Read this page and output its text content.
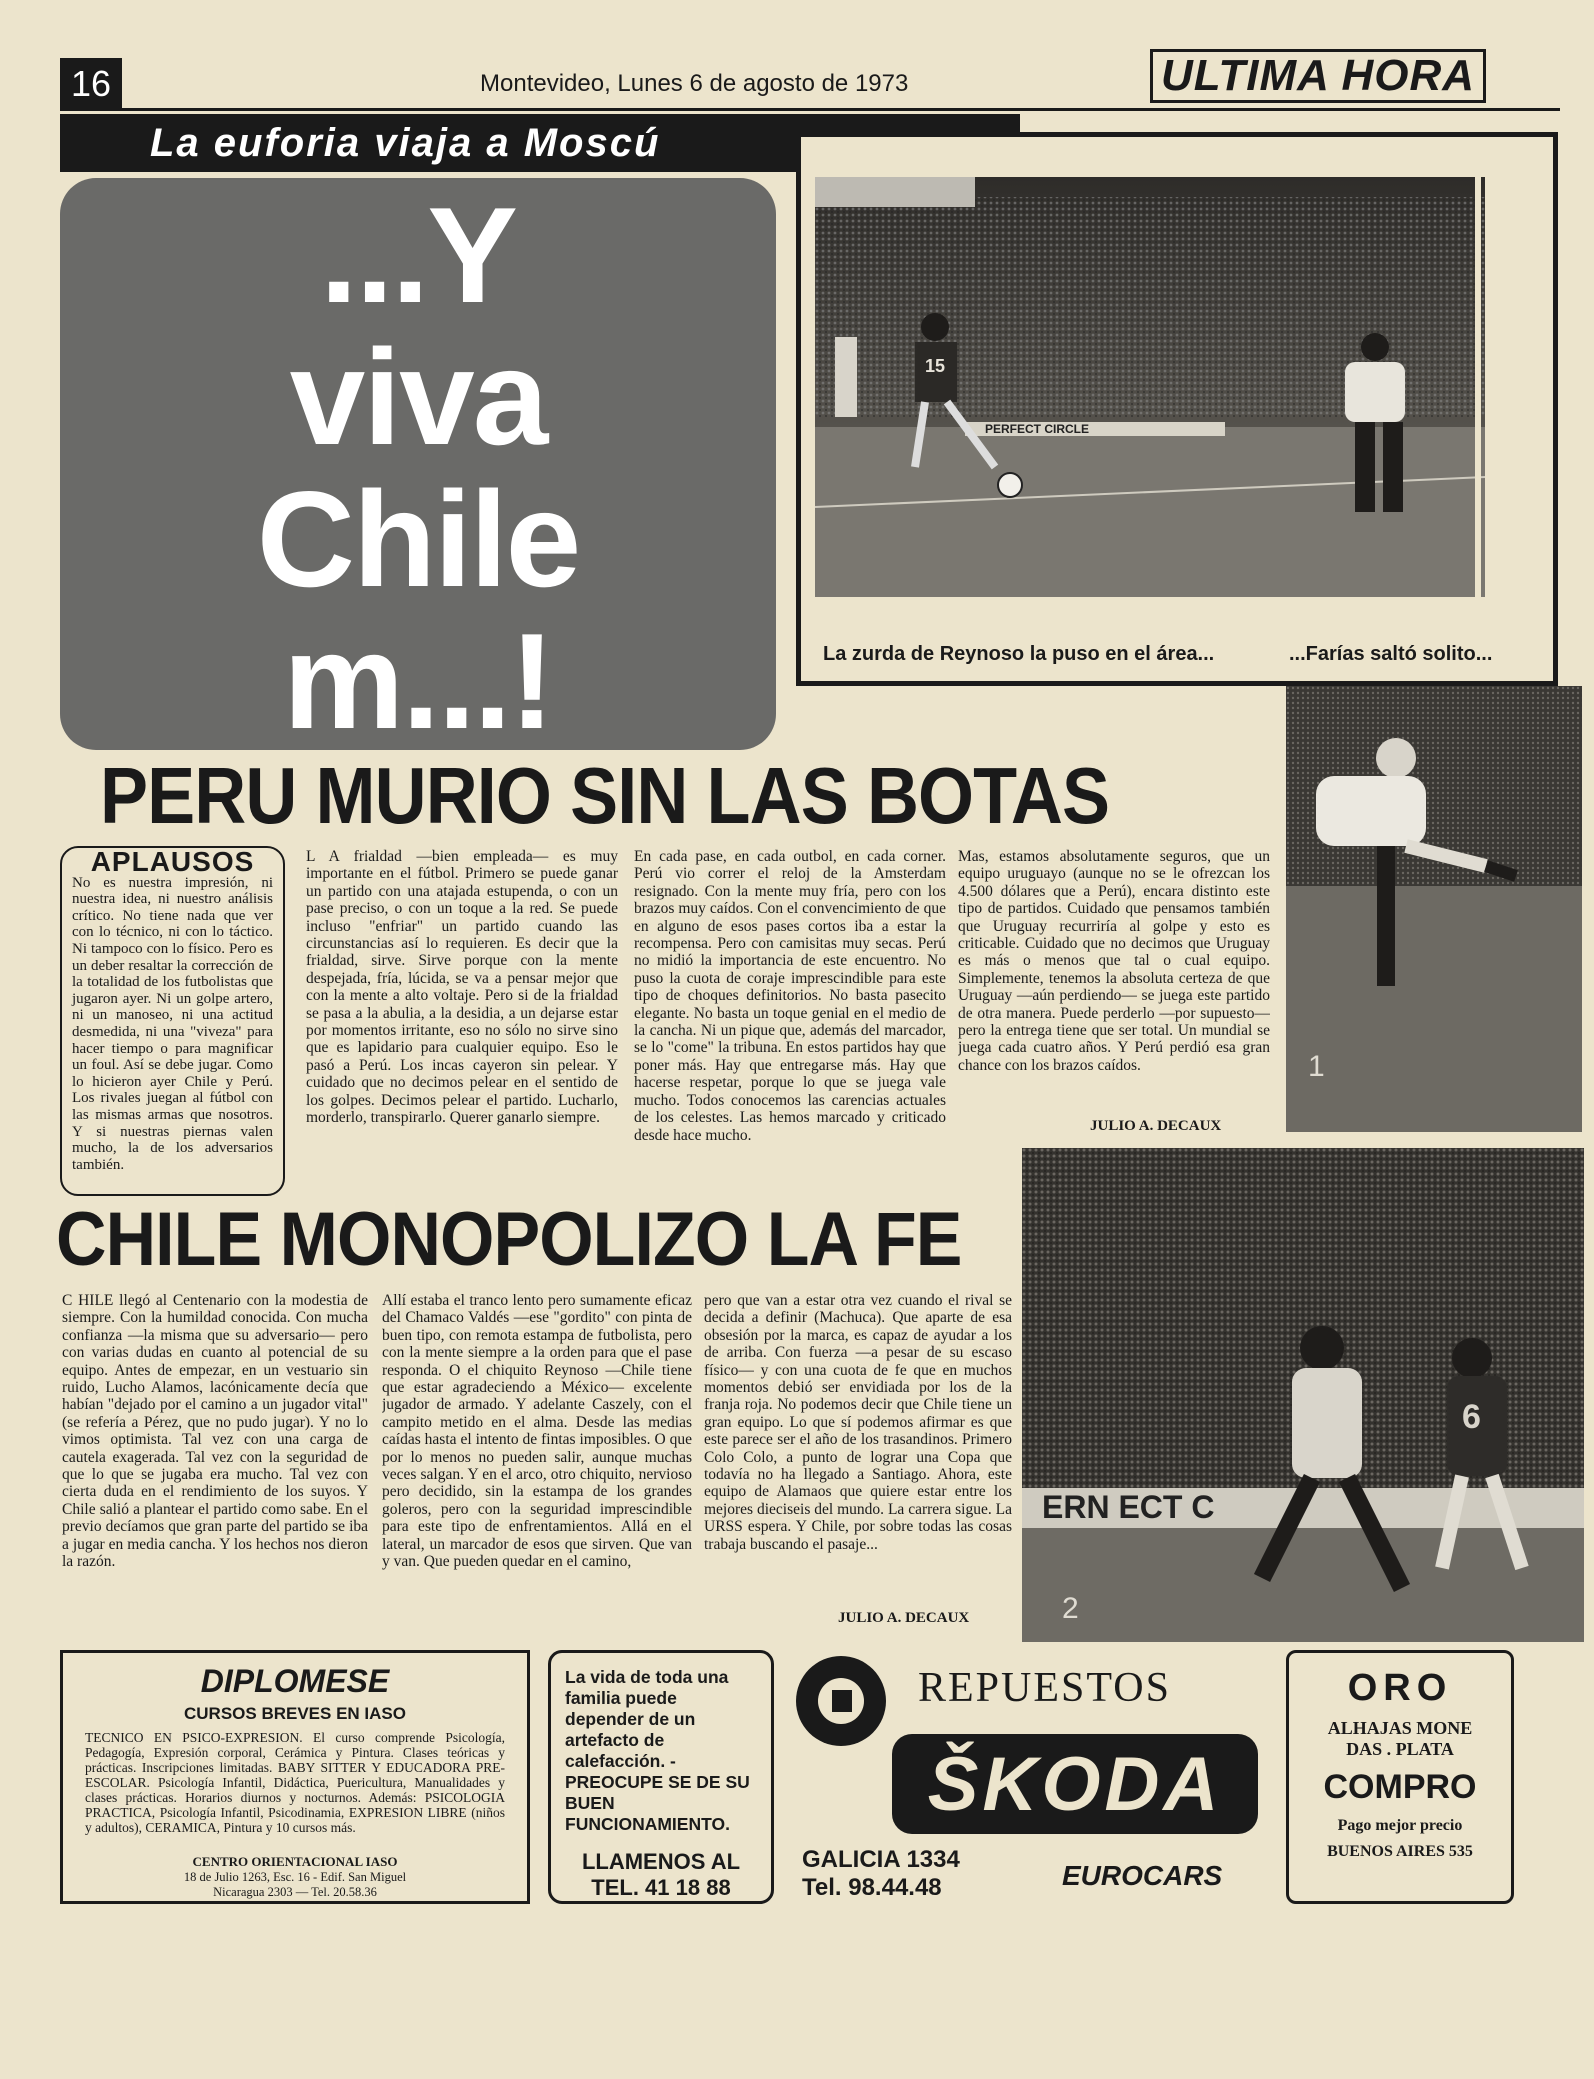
16	Montevideo, Lunes 6 de agosto de 1973	ULTIMA HORA
La euforia viaja a Moscú
...Y
viva
Chile
m...!
PERFECT CIRCLE
15
La zurda de Reynoso la puso en el área...	...Farías saltó solito...
1
PERU MURIO SIN LAS BOTAS
APLAUSOS
No es nuestra impresión, ni nuestra idea, ni nuestro análisis crítico. No tiene nada que ver con lo técnico, ni con lo táctico. Ni tampoco con lo físico. Pero es un deber resaltar la corrección de la totalidad de los futbolistas que jugaron ayer. Ni un golpe artero, ni un manoseo, ni una actitud desmedida, ni una "viveza" para hacer tiempo o para magnificar un foul. Así se debe jugar. Como lo hicieron ayer Chile y Perú. Los rivales juegan al fútbol con las mismas armas que nosotros. Y si nuestras piernas valen mucho, la de los adversarios también.

L A frialdad —bien empleada— es muy importante en el fútbol. Primero se puede ganar un partido con una atajada estupenda, o con un pase preciso, o con un toque a la red. Se puede incluso "enfriar" un partido cuando las circunstancias así lo requieren. Es decir que la frialdad, sirve. Sirve porque con la mente despejada, fría, lúcida, se va a pensar mejor que con la mente a alto voltaje. Pero si de la frialdad se pasa a la abulia, a la desidia, a un dejarse estar por momentos irritante, eso no sólo no sirve sino que es lapidario para cualquier equipo. Eso le pasó a Perú. Los incas cayeron sin pelear. Y cuidado que no decimos pelear en el sentido de los golpes. Decimos pelear el partido. Lucharlo, morderlo, transpirarlo. Querer ganarlo siempre.

En cada pase, en cada outbol, en cada corner. Perú vio correr el reloj de la Amsterdam resignado. Con la mente muy fría, pero con los brazos muy caídos. Con el convencimiento de que en alguno de esos pases cortos iba a estar la recompensa. Pero con camisitas muy secas. Perú no midió la importancia de este encuentro. No puso la cuota de coraje imprescindible para este tipo de choques definitorios. No basta pasecito elegante. No basta un toque genial en el medio de la cancha. Ni un pique que, además del marcador, se lo "come" la tribuna. En estos partidos hay que poner más. Hay que entregarse más. Hay que hacerse respetar, porque lo que se juega vale mucho. Todos conocemos las carencias actuales de los celestes. Las hemos marcado y criticado desde hace mucho.

Mas, estamos absolutamente seguros, que un equipo uruguayo (aunque no se le ofrezcan los 4.500 dólares que a Perú), encara distinto este tipo de partidos. Cuidado que pensamos también que Uruguay recurriría al golpe y esto es criticable. Cuidado que no decimos que Uruguay es más o menos que tal o cual equipo. Simplemente, tenemos la absoluta certeza de que Uruguay —aún perdiendo— se juega este partido de otra manera. Puede perderlo —por supuesto— pero la entrega tiene que ser total. Un mundial se juega cada cuatro años. Y Perú perdió esa gran chance con los brazos caídos.

JULIO A. DECAUX
CHILE MONOPOLIZO LA FE
ERN ECT C
6
2

C HILE llegó al Centenario con la modestia de siempre. Con la humildad conocida. Con mucha confianza —la misma que su adversario— pero con varias dudas en cuanto al potencial de su equipo. Antes de empezar, en un vestuario sin ruido, Lucho Alamos, lacónicamente decía que habían "dejado por el camino a un jugador vital" (se refería a Pérez, que no pudo jugar). Y no lo vimos optimista. Tal vez con una carga de cautela exagerada. Tal vez con la seguridad de que lo que se jugaba era mucho. Tal vez con cierta duda en el rendimiento de los suyos. Y Chile salió a plantear el partido como sabe. En el previo decíamos que gran parte del partido se iba a jugar en media cancha. Y los hechos nos dieron la razón.

Allí estaba el tranco lento pero sumamente eficaz del Chamaco Valdés —ese "gordito" con pinta de buen tipo, con remota estampa de futbolista, pero con la mente siempre a la orden para que el pase responda. O el chiquito Reynoso —Chile tiene que estar agradeciendo a México— excelente jugador de armado. Y adelante Caszely, con el campito metido en el alma. Desde las medias caídas hasta el intento de fintas imposibles. O que por lo menos no pueden salir, aunque muchas veces salgan. Y en el arco, otro chiquito, nervioso pero decidido, sin la estampa de los grandes goleros, pero con la seguridad imprescindible para este tipo de enfrentamientos. Allá en el lateral, un marcador de esos que sirven. Que van y van. Que pueden quedar en el camino,

pero que van a estar otra vez cuando el rival se decida a definir (Machuca). Que aparte de esa obsesión por la marca, es capaz de ayudar a los de arriba. Con fuerza —a pesar de su escaso físico— y con una cuota de fe que en muchos momentos debió ser envidiada por los de la franja roja. No podemos decir que Chile tiene un gran equipo. Lo que sí podemos afirmar es que este parece ser el año de los trasandinos. Primero Colo Colo, a punto de lograr una Copa que todavía no ha llegado a Santiago. Ahora, este equipo de Alamaos que quiere estar entre los mejores dieciseis del mundo. La carrera sigue. La URSS espera. Y Chile, por sobre todas las cosas trabaja buscando el pasaje...

JULIO A. DECAUX
DIPLOMESE
CURSOS BREVES EN IASO
TECNICO EN PSICO-EXPRESION. El curso comprende Psicología, Pedagogía, Expresión corporal, Cerámica y Pintura. Clases teóricas y prácticas. Inscripciones limitadas. BABY SITTER Y EDUCADORA PRE-ESCOLAR. Psicología Infantil, Didáctica, Puericultura, Manualidades y clases prácticas. Horarios diurnos y nocturnos. Además: PSICOLOGIA PRACTICA, Psicología Infantil, Psicodinamia, EXPRESION LIBRE (niños y adultos), CERAMICA, Pintura y 10 cursos más.
CENTRO ORIENTACIONAL IASO
18 de Julio 1263, Esc. 16 - Edif. San Miguel
Nicaragua 2303 — Tel. 20.58.36
La vida de toda una familia puede depender de un artefacto de calefacción. - PREOCUPE SE DE SU BUEN FUNCIONAMIENTO.
LLAMENOS AL
TEL. 41 18 88
REPUESTOS
ŠKODA
GALICIA 1334
Tel. 98.44.48	EUROCARS
ORO
ALHAJAS MONE
DAS . PLATA
COMPRO
Pago mejor precio
BUENOS AIRES 535
